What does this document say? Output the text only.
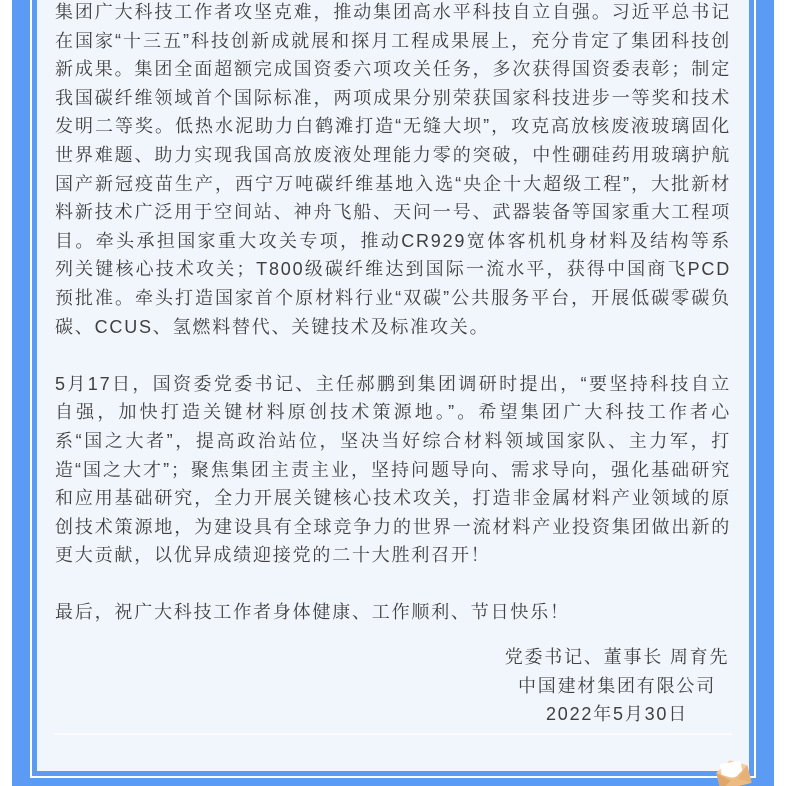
集团广大科技工作者攻坚克难，推动集团高水平科技自立自强。习近平总书记在国家“十三五”科技创新成就展和探月工程成果展上，充分肯定了集团科技创新成果。集团全面超额完成国资委六项攻关任务，多次获得国资委表彰；制定我国碳纤维领域首个国际标准，两项成果分别荣获国家科技进步一等奖和技术发明二等奖。低热水泥助力白鹤滩打造“无缝大坝”，攻克高放核废液玻璃固化世界难题、助力实现我国高放废液处理能力零的突破，中性硼硅药用玻璃护航国产新冠疫苗生产，西宁万吨碳纤维基地入选“央企十大超级工程”，大批新材料新技术广泛用于空间站、神舟飞船、天问一号、武器装备等国家重大工程项目。牵头承担国家重大攻关专项，推动CR929宽体客机机身材料及结构等系列关键核心技术攻关；T800级碳纤维达到国际一流水平，获得中国商飞PCD预批准。牵头打造国家首个原材料行业“双碳”公共服务平台，开展低碳零碳负碳、CCUS、氢燃料替代、关键技术及标准攻关。

5月17日，国资委党委书记、主任郝鹏到集团调研时提出，“要坚持科技自立自强，加快打造关键材料原创技术策源地。”。希望集团广大科技工作者心系“国之大者”，提高政治站位，坚决当好综合材料领域国家队、主力军，打造“国之大才”；聚焦集团主责主业，坚持问题导向、需求导向，强化基础研究和应用基础研究，全力开展关键核心技术攻关，打造非金属材料产业领域的原创技术策源地，为建设具有全球竞争力的世界一流材料产业投资集团做出新的更大贡献，以优异成绩迎接党的二十大胜利召开！

最后，祝广大科技工作者身体健康、工作顺利、节日快乐！

党委书记、董事长 周育先
中国建材集团有限公司
2022年5月30日
